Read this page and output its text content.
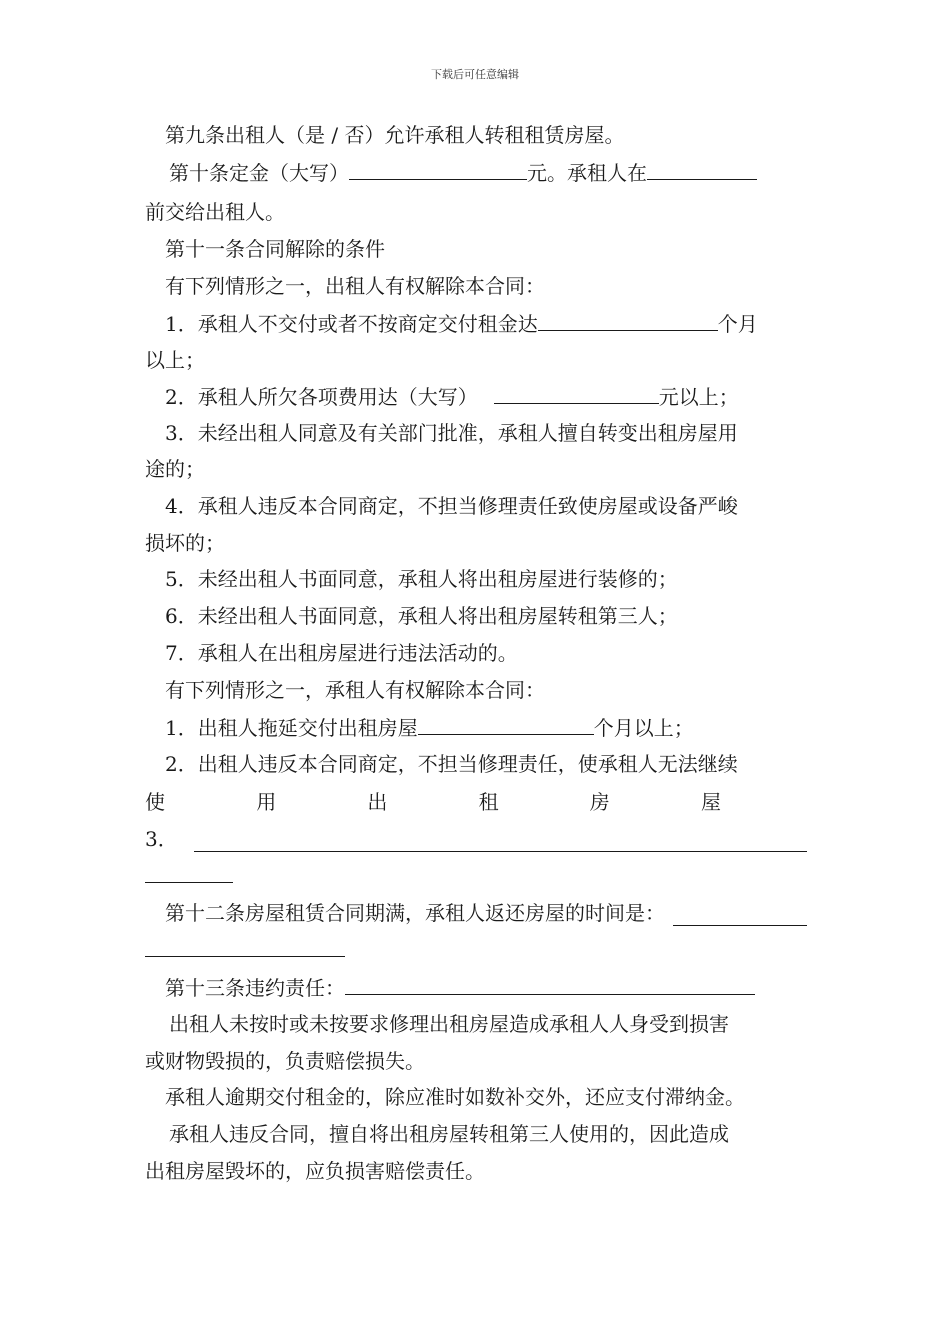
下载后可任意编辑
第九条出租人（是 / 否）允许承租人转租租赁房屋。
第十条定金（大写）	元。承租人在
前交给出租人。
第十一条合同解除的条件
有下列情形之一，出租人有权解除本合同：
1．承租人不交付或者不按商定交付租金达	个月
以上；
2．承租人所欠各项费用达（大写）	元以上；
3．未经出租人同意及有关部门批准，承租人擅自转变出租房屋用
途的；
4．承租人违反本合同商定，不担当修理责任致使房屋或设备严峻
损坏的；
5．未经出租人书面同意，承租人将出租房屋进行装修的；
6．未经出租人书面同意，承租人将出租房屋转租第三人；
7．承租人在出租房屋进行违法活动的。
有下列情形之一，承租人有权解除本合同：
1．出租人拖延交付出租房屋	个月以上；
2．出租人违反本合同商定，不担当修理责任，使承租人无法继续
使	用	出	租	房	屋
3．
第十二条房屋租赁合同期满，承租人返还房屋的时间是：
第十三条违约责任：
出租人未按时或未按要求修理出租房屋造成承租人人身受到损害
或财物毁损的，负责赔偿损失。
承租人逾期交付租金的，除应准时如数补交外，还应支付滞纳金。
承租人违反合同，擅自将出租房屋转租第三人使用的，因此造成
出租房屋毁坏的，应负损害赔偿责任。
